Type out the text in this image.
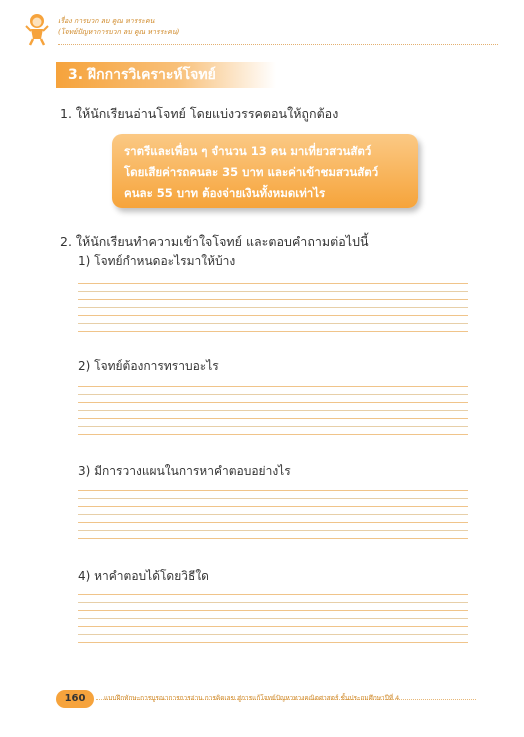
เรื่อง การบวก ลบ คูณ หารระคน
(โจทย์ปัญหาการบวก ลบ คูณ หารระคน)
3. ฝึกการวิเคราะห์โจทย์
1. ให้นักเรียนอ่านโจทย์ โดยแบ่งวรรคตอนให้ถูกต้อง
ราตรีและเพื่อน ๆ จำนวน 13 คน มาเที่ยวสวนสัตว์
โดยเสียค่ารถคนละ 35 บาท และค่าเข้าชมสวนสัตว์
คนละ 55 บาท ต้องจ่ายเงินทั้งหมดเท่าไร
2. ให้นักเรียนทำความเข้าใจโจทย์ และตอบคำถามต่อไปนี้
1) โจทย์กำหนดอะไรมาให้บ้าง
2) โจทย์ต้องการทราบอะไร
3) มีการวางแผนในการหาคำตอบอย่างไร
4) หาคำตอบได้โดยวิธีใด
160	แบบฝึกทักษะการบูรณาการการอ่าน การคิดเลข สู่การแก้โจทย์ปัญหาทางคณิตศาสตร์ ชั้นประถมศึกษาปีที่ 4
